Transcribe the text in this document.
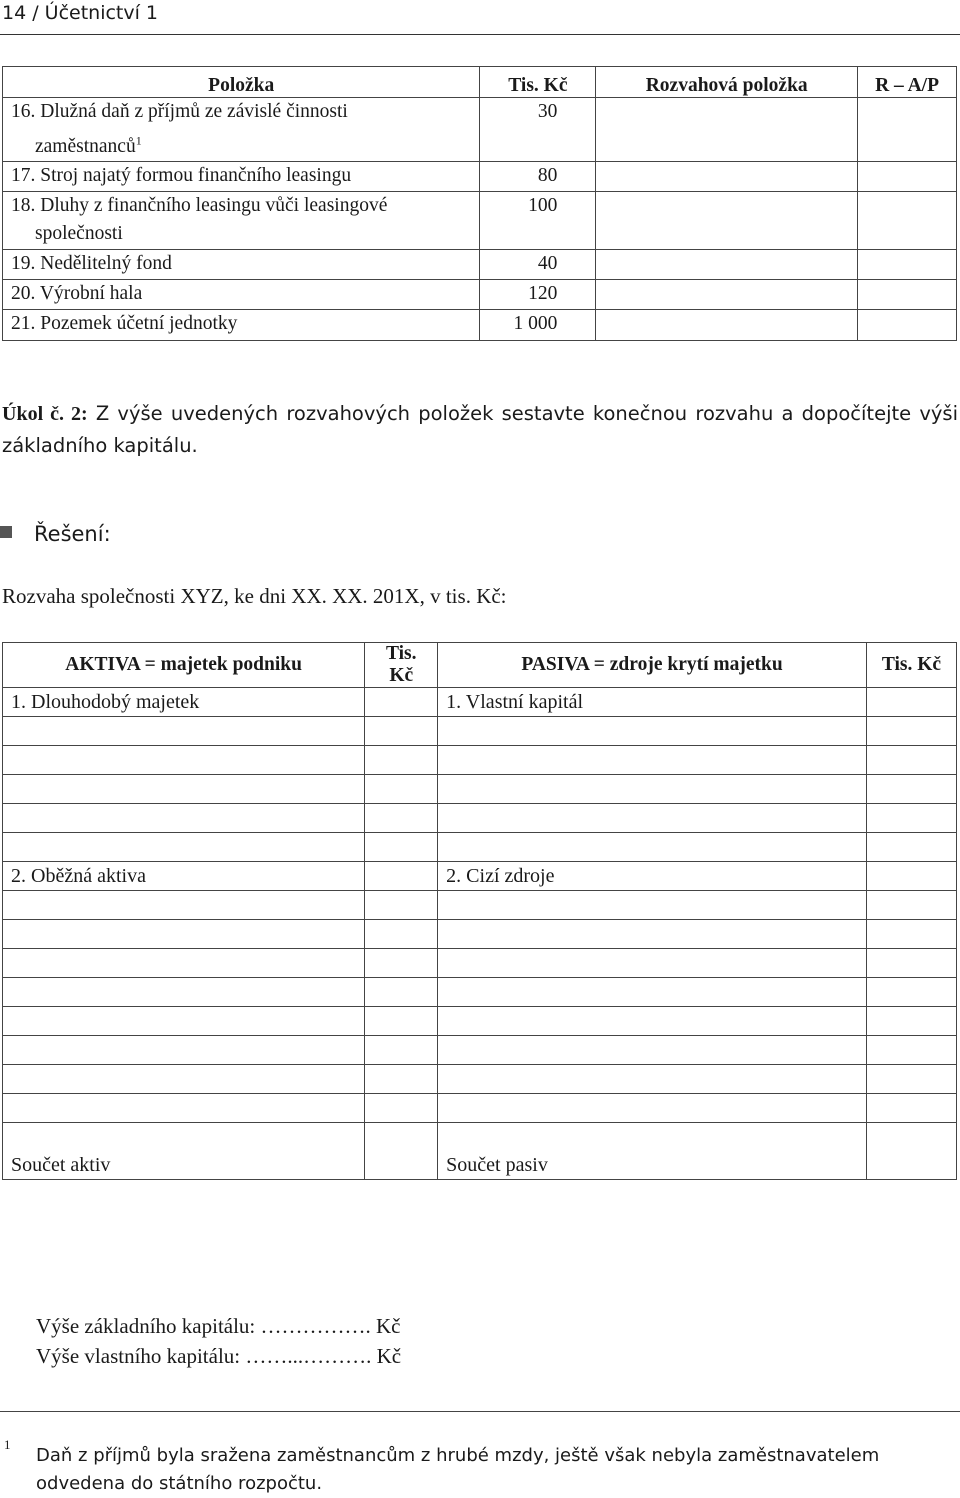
14 / Účetnictví 1
Položka	Tis. Kč	Rozvahová položka	R – A/P
16. Dlužná daň z příjmů ze závislé činnosti
zaměstnanců$^1$	30		
17. Stroj najatý formou finančního leasingu	80		
18. Dluhy z finančního leasingu vůči leasingové
společnosti	100		
19. Nedělitelný fond	40		
20. Výrobní hala	120		
21. Pozemek účetní jednotky	1 000		
Úkol č. 2: Z výše uvedených rozvahových položek sestavte konečnou rozvahu a dopočítejte výši základního kapitálu.
Řešení:
Rozvaha společnosti XYZ, ke dni XX. XX. 201X, v tis. Kč:
AKTIVA = majetek podniku	Tis. Kč	PASIVA = zdroje krytí majetku	Tis. Kč
1. Dlouhodobý majetek		1. Vlastní kapitál	

2. Oběžná aktiva		2. Cizí zdroje	

Součet aktiv		Součet pasiv	
Výše základního kapitálu: ……………. Kč
Výše vlastního kapitálu: ……...………. Kč
1
Daň z příjmů byla sražena zaměstnancům z hrubé mzdy, ještě však nebyla zaměstnavatelem odvedena do státního rozpočtu.
